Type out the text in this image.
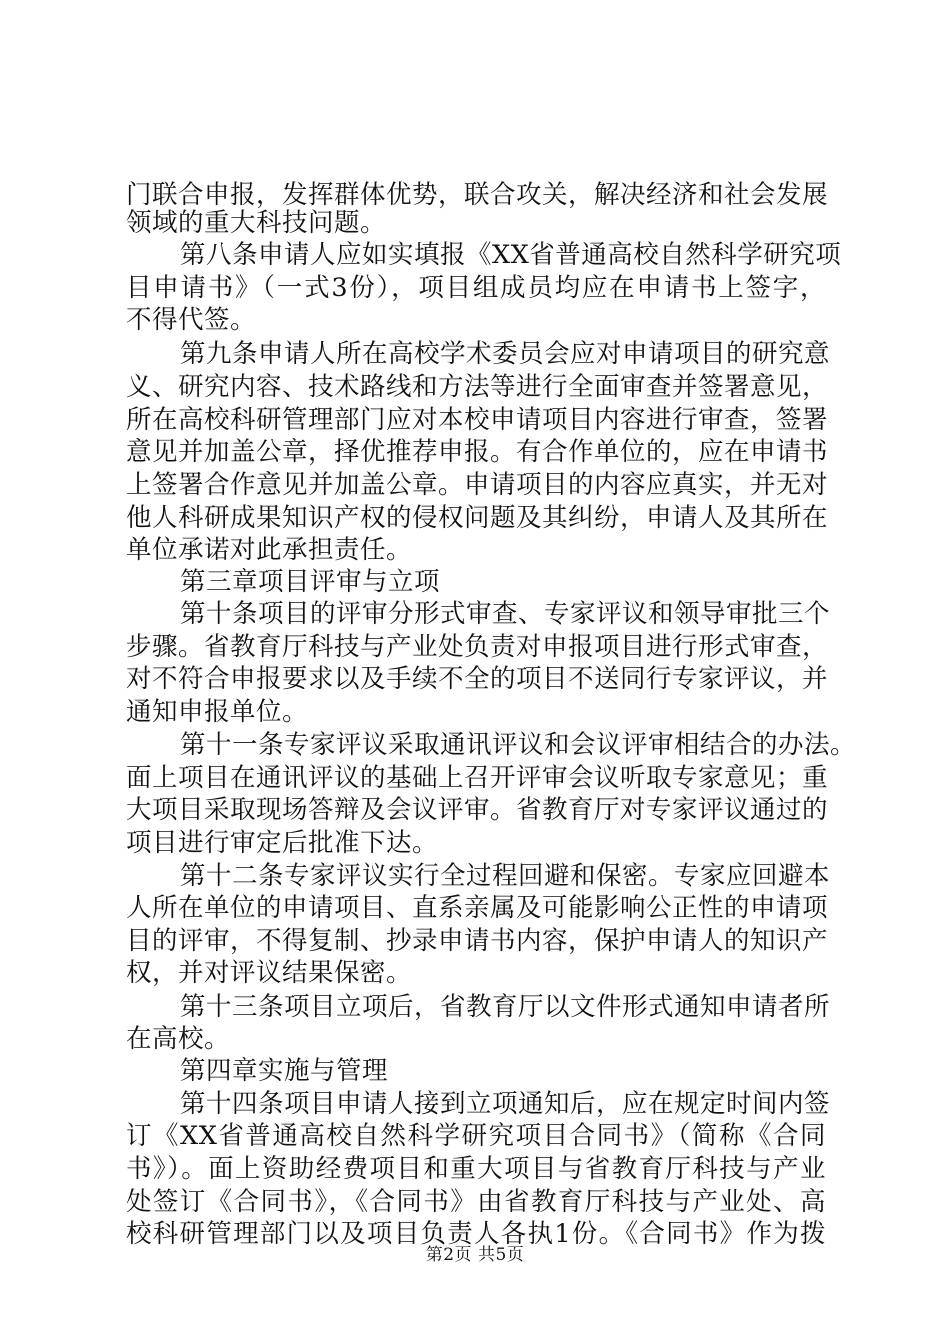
门联合申报，发挥群体优势，联合攻关，解决经济和社会发展

领域的重大科技问题。

第八条申请人应如实填报《XX省普通高校自然科学研究项

目申请书》（一式3份），项目组成员均应在申请书上签字，

不得代签。

第九条申请人所在高校学术委员会应对申请项目的研究意

义、研究内容、技术路线和方法等进行全面审查并签署意见，

所在高校科研管理部门应对本校申请项目内容进行审查，签署

意见并加盖公章，择优推荐申报。有合作单位的，应在申请书

上签署合作意见并加盖公章。申请项目的内容应真实，并无对

他人科研成果知识产权的侵权问题及其纠纷，申请人及其所在

单位承诺对此承担责任。

第三章项目评审与立项

第十条项目的评审分形式审查、专家评议和领导审批三个

步骤。省教育厅科技与产业处负责对申报项目进行形式审查，

对不符合申报要求以及手续不全的项目不送同行专家评议，并

通知申报单位。

第十一条专家评议采取通讯评议和会议评审相结合的办法。

面上项目在通讯评议的基础上召开评审会议听取专家意见；重

大项目采取现场答辩及会议评审。省教育厅对专家评议通过的

项目进行审定后批准下达。

第十二条专家评议实行全过程回避和保密。专家应回避本

人所在单位的申请项目、直系亲属及可能影响公正性的申请项

目的评审，不得复制、抄录申请书内容，保护申请人的知识产

权，并对评议结果保密。

第十三条项目立项后，省教育厅以文件形式通知申请者所

在高校。

第四章实施与管理

第十四条项目申请人接到立项通知后，应在规定时间内签

订《XX省普通高校自然科学研究项目合同书》（简称《合同

书》）。面上资助经费项目和重大项目与省教育厅科技与产业

处签订《合同书》，《合同书》由省教育厅科技与产业处、高

校科研管理部门以及项目负责人各执1份。《合同书》作为拨

第2页 共5页
